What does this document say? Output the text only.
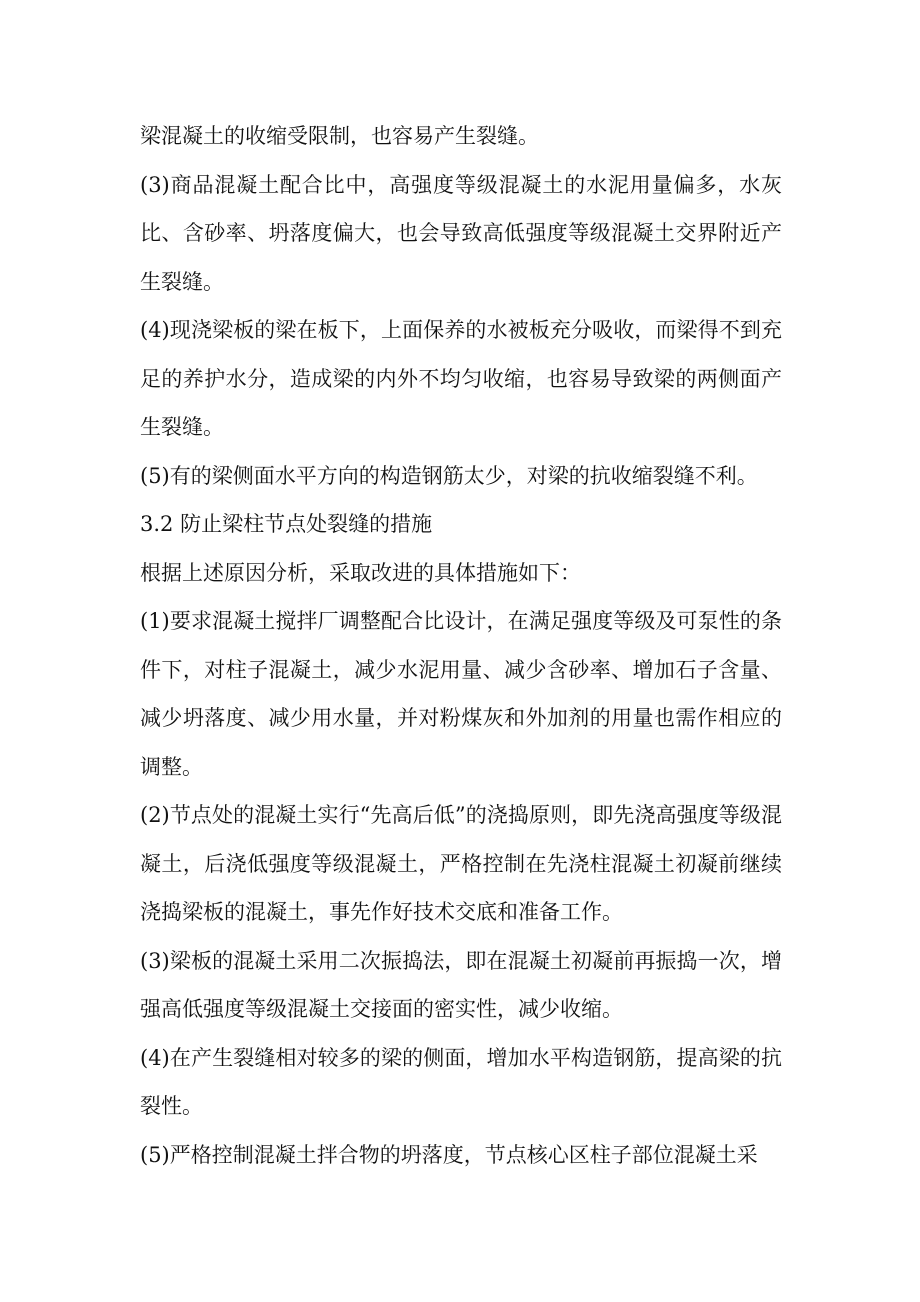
梁混凝土的收缩受限制，也容易产生裂缝。

(3)商品混凝土配合比中，高强度等级混凝土的水泥用量偏多，水灰比、含砂率、坍落度偏大，也会导致高低强度等级混凝土交界附近产生裂缝。

(4)现浇梁板的梁在板下，上面保养的水被板充分吸收，而梁得不到充足的养护水分，造成梁的内外不均匀收缩，也容易导致梁的两侧面产生裂缝。

(5)有的梁侧面水平方向的构造钢筋太少，对梁的抗收缩裂缝不利。

3.2 防止梁柱节点处裂缝的措施

根据上述原因分析，采取改进的具体措施如下：

(1)要求混凝土搅拌厂调整配合比设计，在满足强度等级及可泵性的条件下，对柱子混凝土，减少水泥用量、减少含砂率、增加石子含量、减少坍落度、减少用水量，并对粉煤灰和外加剂的用量也需作相应的调整。

(2)节点处的混凝土实行“先高后低”的浇捣原则，即先浇高强度等级混凝土，后浇低强度等级混凝土，严格控制在先浇柱混凝土初凝前继续浇捣梁板的混凝土，事先作好技术交底和准备工作。

(3)梁板的混凝土采用二次振捣法，即在混凝土初凝前再振捣一次，增强高低强度等级混凝土交接面的密实性，减少收缩。

(4)在产生裂缝相对较多的梁的侧面，增加水平构造钢筋，提高梁的抗裂性。

(5)严格控制混凝土拌合物的坍落度，节点核心区柱子部位混凝土采
